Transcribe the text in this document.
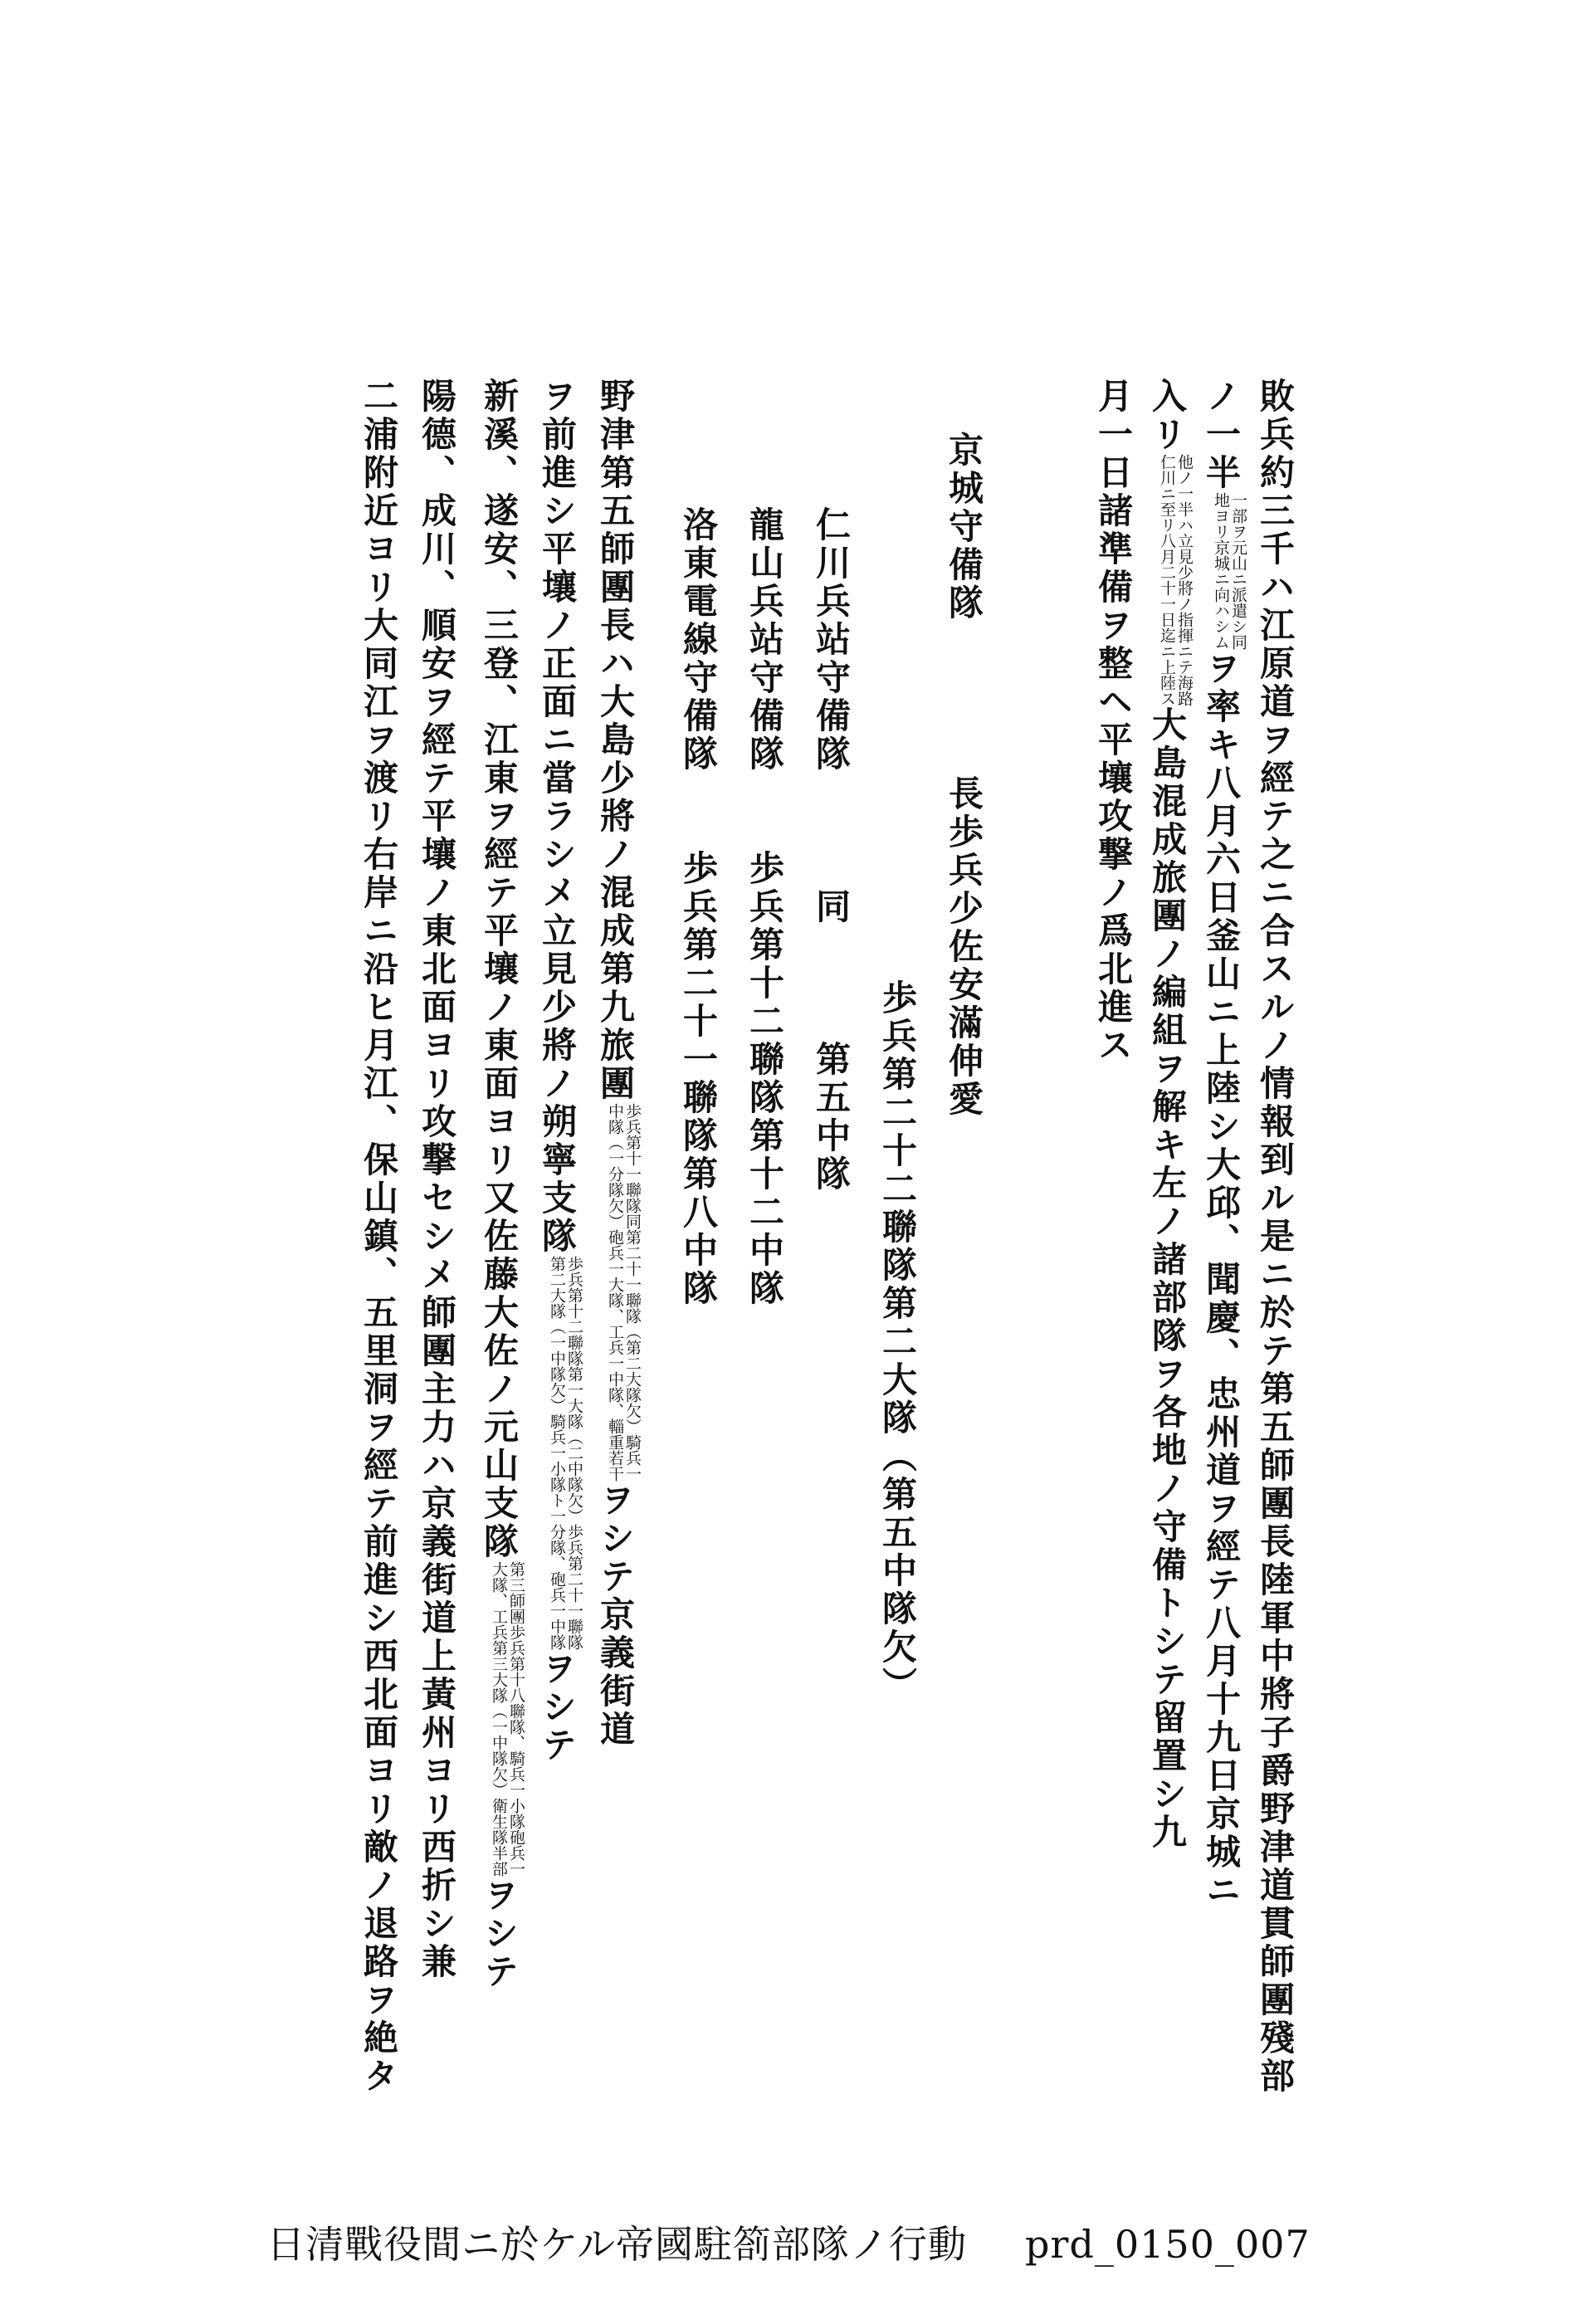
敗兵約三千ハ江原道ヲ經テ之ニ合スルノ情報到ル是ニ於テ第五師團長陸軍中將子爵野津道貫師團殘部
ノ一半
一部ヲ元山ニ派遣シ同
地ヨリ京城ニ向ハシム
ヲ率キ八月六日釜山ニ上陸シ大邱、聞慶、忠州道ヲ經テ八月十九日京城ニ
入リ
他ノ一半ハ立見少將ノ指揮ニテ海路
仁川ニ至リ八月二十一日迄ニ上陸ス
大島混成旅團ノ編組ヲ解キ左ノ諸部隊ヲ各地ノ守備トシテ留置シ九
月一日諸準備ヲ整ヘ平壤攻撃ノ爲北進ス
京城守備隊　　　　長歩兵少佐安滿伸愛
歩兵第二十二聯隊第二大隊（第五中隊欠）
仁川兵站守備隊　　　同　　　第五中隊
龍山兵站守備隊　　歩兵第十二聯隊第十二中隊
洛東電線守備隊　　歩兵第二十一聯隊第八中隊
野津第五師團長ハ大島少將ノ混成第九旅團
歩兵第十一聯隊同第二十一聯隊（第二大隊欠）騎兵一
中隊（一分隊欠）砲兵一大隊、工兵一中隊、輜重若干
ヲシテ京義街道
ヲ前進シ平壤ノ正面ニ當ラシメ立見少將ノ朔寧支隊
歩兵第十二聯隊第一大隊（二中隊欠）歩兵第二十一聯隊
第二大隊（一中隊欠）騎兵一小隊ト一分隊、砲兵一中隊
ヲシテ
新溪、遂安、三登、江東ヲ經テ平壤ノ東面ヨリ又佐藤大佐ノ元山支隊
第三師團歩兵第十八聯隊、騎兵一小隊砲兵一
大隊、工兵第三大隊（一中隊欠）衛生隊半部
ヲシテ
陽德、成川、順安ヲ經テ平壤ノ東北面ヨリ攻撃セシメ師團主力ハ京義街道上黃州ヨリ西折シ兼
二浦附近ヨリ大同江ヲ渡リ右岸ニ沿ヒ月江、保山鎮、五里洞ヲ經テ前進シ西北面ヨリ敵ノ退路ヲ絶タ
日清戰役間ニ於ケル帝國駐箚部隊ノ行動 prd_0150_007
